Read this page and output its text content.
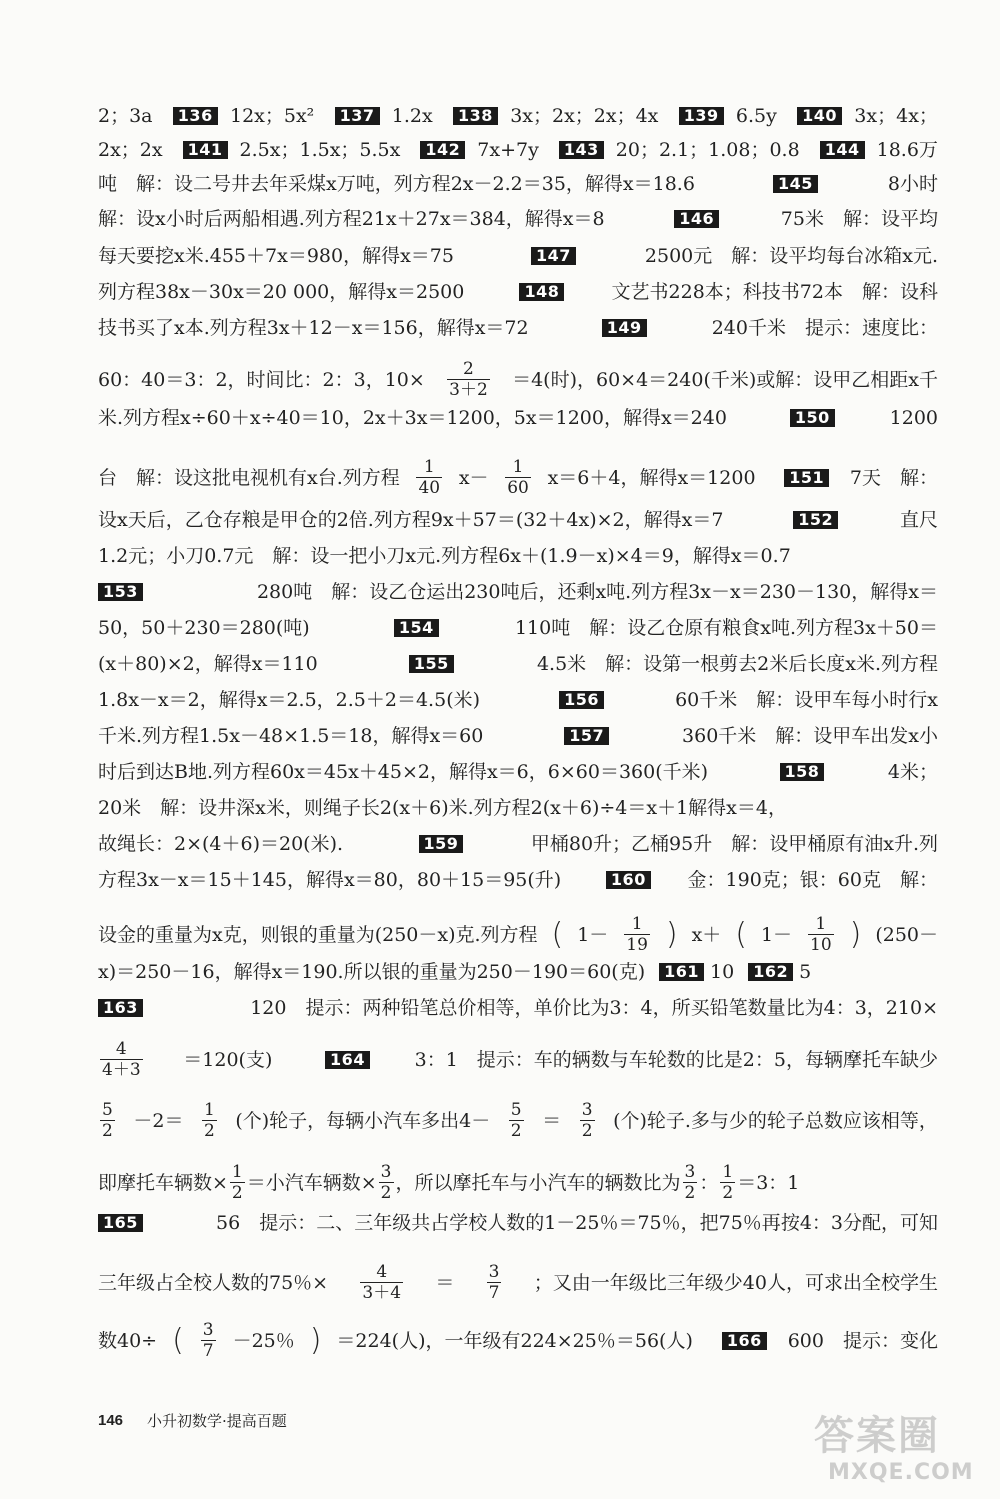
2；3a	136 12x；5x²	137 1.2x	138 3x；2x；2x；4x	139 6.5y	140 3x；4x；
2x；2x	141 2.5x；1.5x；5.5x	142 7x+7y	143 20；2.1；1.08；0.8	144 18.6万
吨　解：设二号井去年采煤x万吨，列方程2x－2.2＝35，解得x＝18.6	145	8小时
解：设x小时后两船相遇.列方程21x＋27x＝384，解得x＝8	146	75米　解：设平均
每天要挖x米.455＋7x＝980，解得x＝75	147	2500元　解：设平均每台冰箱x元.
列方程38x－30x＝20 000，解得x＝2500	148	文艺书228本；科技书72本　解：设科
技书买了x本.列方程3x＋12－x＝156，解得x＝72	149	240千米　提示：速度比：
60：40＝3：2，时间比：2：3，$10\times \frac{2}{3+2} =4$(时)，60×4＝240(千米)或解：设甲乙相距x千
米.列方程x÷60＋x÷40＝10，2x＋3x＝1200，5x＝1200，解得x＝240	150	1200
台　解：设这批电视机有x台.列方程 $\frac{1}{40} x- \frac{1}{60} x=6+4$，解得x＝1200	151 7天　解：
设x天后，乙仓存粮是甲仓的2倍.列方程9x＋57＝(32＋4x)×2，解得x＝7	152	直尺
1.2元；小刀0.7元　解：设一把小刀x元.列方程6x＋(1.9－x)×4＝9，解得x＝0.7
153	280吨　解：设乙仓运出230吨后，还剩x吨.列方程3x－x＝230－130，解得x＝
50，50＋230＝280(吨)	154	110吨　解：设乙仓原有粮食x吨.列方程3x＋50＝
(x＋80)×2，解得x＝110	155	4.5米　解：设第一根剪去2米后长度x米.列方程
1.8x－x＝2，解得x＝2.5，2.5＋2＝4.5(米)	156	60千米　解：设甲车每小时行x
千米.列方程1.5x－48×1.5＝18，解得x＝60	157	360千米　解：设甲车出发x小
时后到达B地.列方程60x＝45x＋45×2，解得x＝6，6×60＝360(千米)	158	4米；
20米　解：设井深x米，则绳子长2(x＋6)米.列方程2(x＋6)÷4＝x＋1解得x＝4，
故绳长：2×(4＋6)＝20(米).	159	甲桶80升；乙桶95升　解：设甲桶原有油x升.列
方程3x－x＝15＋145，解得x＝80，80＋15＝95(升)	160 金：190克；银：60克　解：
设金的重量为x克，则银的重量为(250－x)克.列方程 ( $1- \frac{1}{19}$ ) x＋ ( $1- \frac{1}{10}$ ) (250－
x)＝250－16，解得x＝190.所以银的重量为250－190＝60(克)	161 10	162 5
163	120　提示：两种铅笔总价相等，单价比为3：4，所买铅笔数量比为4：3，210×
$\frac{4}{4+3} =120$(支)	164	3：1　提示：车的辆数与车轮数的比是2：5，每辆摩托车缺少
$\frac{5}{2} -2= \frac{1}{2}$ (个)轮子，每辆小汽车多出$4- \frac{5}{2} = \frac{3}{2}$ (个)轮子.多与少的轮子总数应该相等，
即摩托车辆数× $\frac{1}{2}$ ＝小汽车辆数× $\frac{3}{2}$ ，所以摩托车与小汽车的辆数比为 $\frac{3}{2}$ ： $\frac{1}{2} =3$：1
165	56　提示：二、三年级共占学校人数的1－25％＝75％，把75％再按4：3分配，可知
三年级占全校人数的75％× $\frac{4}{3+4} = \frac{3}{7}$ ；又由一年级比三年级少40人，可求出全校学生
数40÷ ( $\frac{3}{7} -25$％ ) ＝224(人)，一年级有224×25％＝56(人)	166 600　提示：变化
146 小升初数学·提高百题	答案圈
MXQE.COM
